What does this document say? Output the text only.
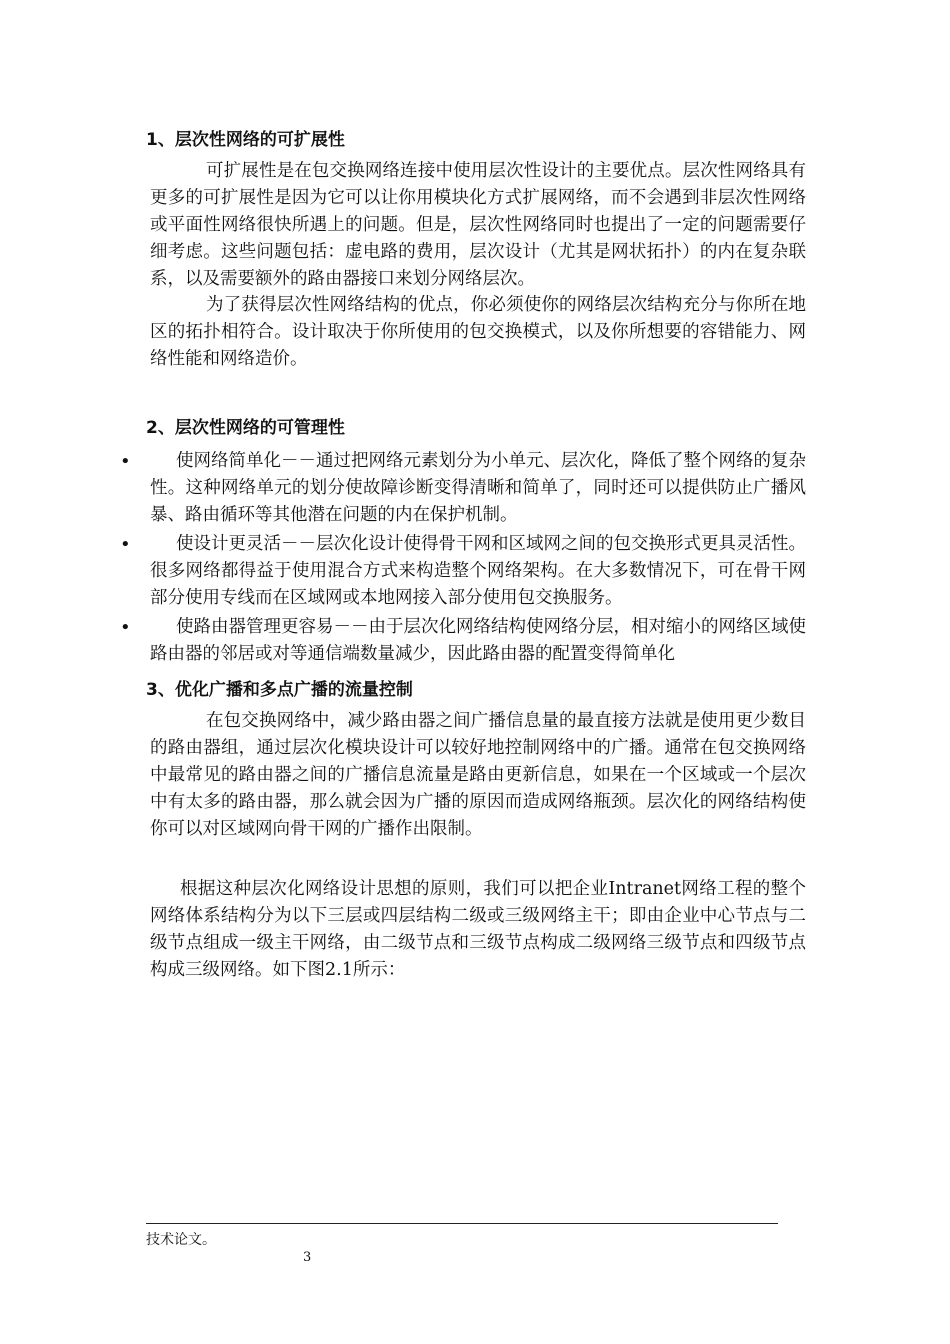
1、层次性网络的可扩展性

可扩展性是在包交换网络连接中使用层次性设计的主要优点。层次性网络具有更多的可扩展性是因为它可以让你用模块化方式扩展网络，而不会遇到非层次性网络或平面性网络很快所遇上的问题。但是，层次性网络同时也提出了一定的问题需要仔细考虑。这些问题包括：虚电路的费用，层次设计（尤其是网状拓扑）的内在复杂联系，以及需要额外的路由器接口来划分网络层次。

为了获得层次性网络结构的优点，你必须使你的网络层次结构充分与你所在地区的拓扑相符合。设计取决于你所使用的包交换模式，以及你所想要的容错能力、网络性能和网络造价。

2、层次性网络的可管理性
•	使网络简单化－－通过把网络元素划分为小单元、层次化，降低了整个网络的复杂性。这种网络单元的划分使故障诊断变得清晰和简单了，同时还可以提供防止广播风暴、路由循环等其他潜在问题的内在保护机制。
•	使设计更灵活－－层次化设计使得骨干网和区域网之间的包交换形式更具灵活性。很多网络都得益于使用混合方式来构造整个网络架构。在大多数情况下，可在骨干网部分使用专线而在区域网或本地网接入部分使用包交换服务。
•	使路由器管理更容易－－由于层次化网络结构使网络分层，相对缩小的网络区域使路由器的邻居或对等通信端数量减少，因此路由器的配置变得简单化
3、优化广播和多点广播的流量控制

在包交换网络中，减少路由器之间广播信息量的最直接方法就是使用更少数目的路由器组，通过层次化模块设计可以较好地控制网络中的广播。通常在包交换网络中最常见的路由器之间的广播信息流量是路由更新信息，如果在一个区域或一个层次中有太多的路由器，那么就会因为广播的原因而造成网络瓶颈。层次化的网络结构使你可以对区域网向骨干网的广播作出限制。

根据这种层次化网络设计思想的原则，我们可以把企业Intranet网络工程的整个网络体系结构分为以下三层或四层结构二级或三级网络主干；即由企业中心节点与二级节点组成一级主干网络，由二级节点和三级节点构成二级网络三级节点和四级节点构成三级网络。如下图2.1所示：

技术论文。
3
